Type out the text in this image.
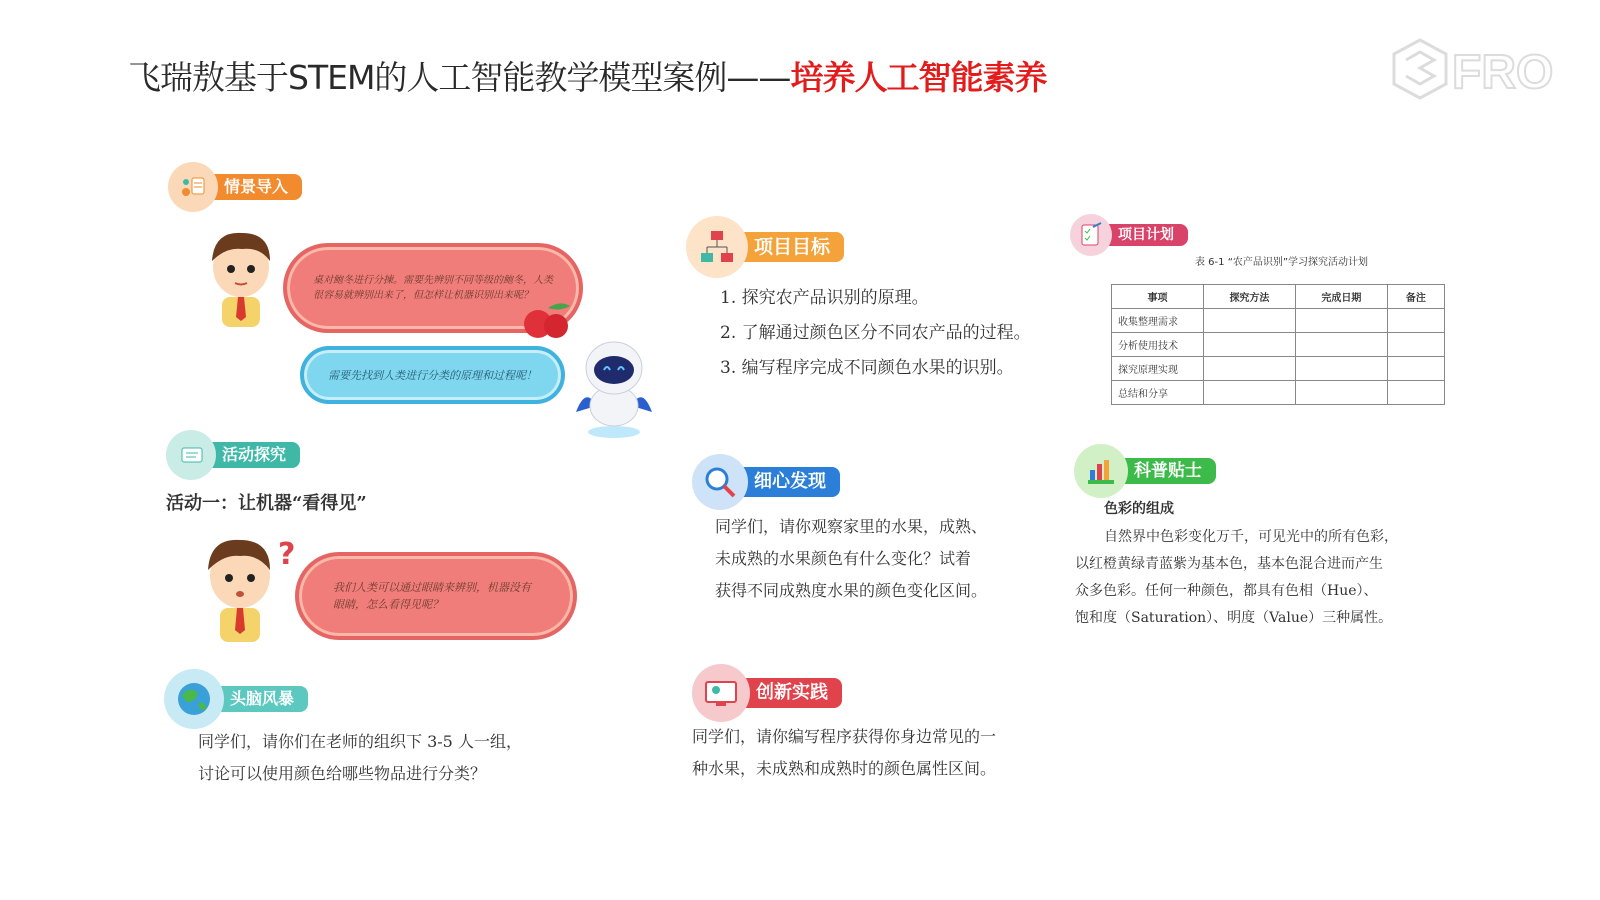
飞瑞敖基于STEM的人工智能教学模型案例——培养人工智能素养	FRO
情景导入
桌对鲍冬进行分揀。需要先辨别不同等级的鲍冬，人类很容易就辨别出来了，但怎样让机器识别出来呢？
需要先找到人类进行分类的原理和过程呢！
活动探究
活动一：让机器“看得见”
?
我们人类可以通过眼睛来辨别，机器没有眼睛，怎么看得见呢？
头脑风暴
同学们，请你们在老师的组织下 3-5 人一组，
讨论可以使用颜色给哪些物品进行分类？
项目目标
1. 探究农产品识别的原理。
2. 了解通过颜色区分不同农产品的过程。
3. 编写程序完成不同颜色水果的识别。
细心发现
同学们，请你观察家里的水果，成熟、
未成熟的水果颜色有什么变化？试着
获得不同成熟度水果的颜色变化区间。
创新实践
同学们，请你编写程序获得你身边常见的一
种水果，未成熟和成熟时的颜色属性区间。
项目计划
表 6-1 “农产品识别”学习探究活动计划
事项	探究方法	完成日期	备注
收集整理需求			
分析使用技术			
探究原理实现			
总结和分享			
科普贴士
色彩的组成
自然界中色彩变化万千，可见光中的所有色彩，
以红橙黄绿青蓝紫为基本色，基本色混合进而产生
众多色彩。任何一种颜色，都具有色相（Hue）、
饱和度（Saturation）、明度（Value）三种属性。
